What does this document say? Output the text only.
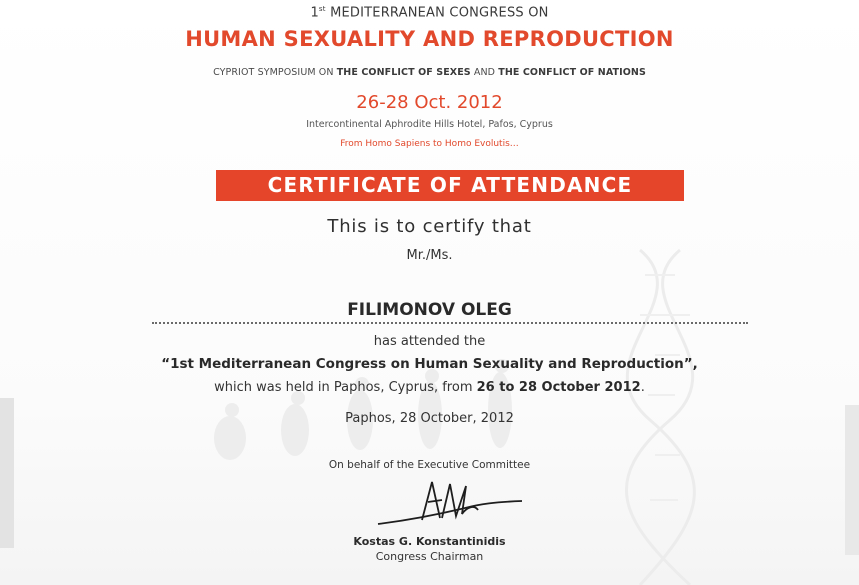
1st MEDITERRANEAN CONGRESS ON
HUMAN SEXUALITY AND REPRODUCTION
CYPRIOT SYMPOSIUM ON THE CONFLICT OF SEXES AND THE CONFLICT OF NATIONS
26-28 Oct. 2012
Intercontinental Aphrodite Hills Hotel, Pafos, Cyprus
From Homo Sapiens to Homo Evolutis…
CERTIFICATE OF ATTENDANCE
This is to certify that
Mr./Ms.
FILIMONOV OLEG
has attended the
“1st Mediterranean Congress on Human Sexuality and Reproduction”,
which was held in Paphos, Cyprus, from 26 to 28 October 2012.
Paphos, 28 October, 2012
On behalf of the Executive Committee
Kostas G. Konstantinidis
Congress Chairman
